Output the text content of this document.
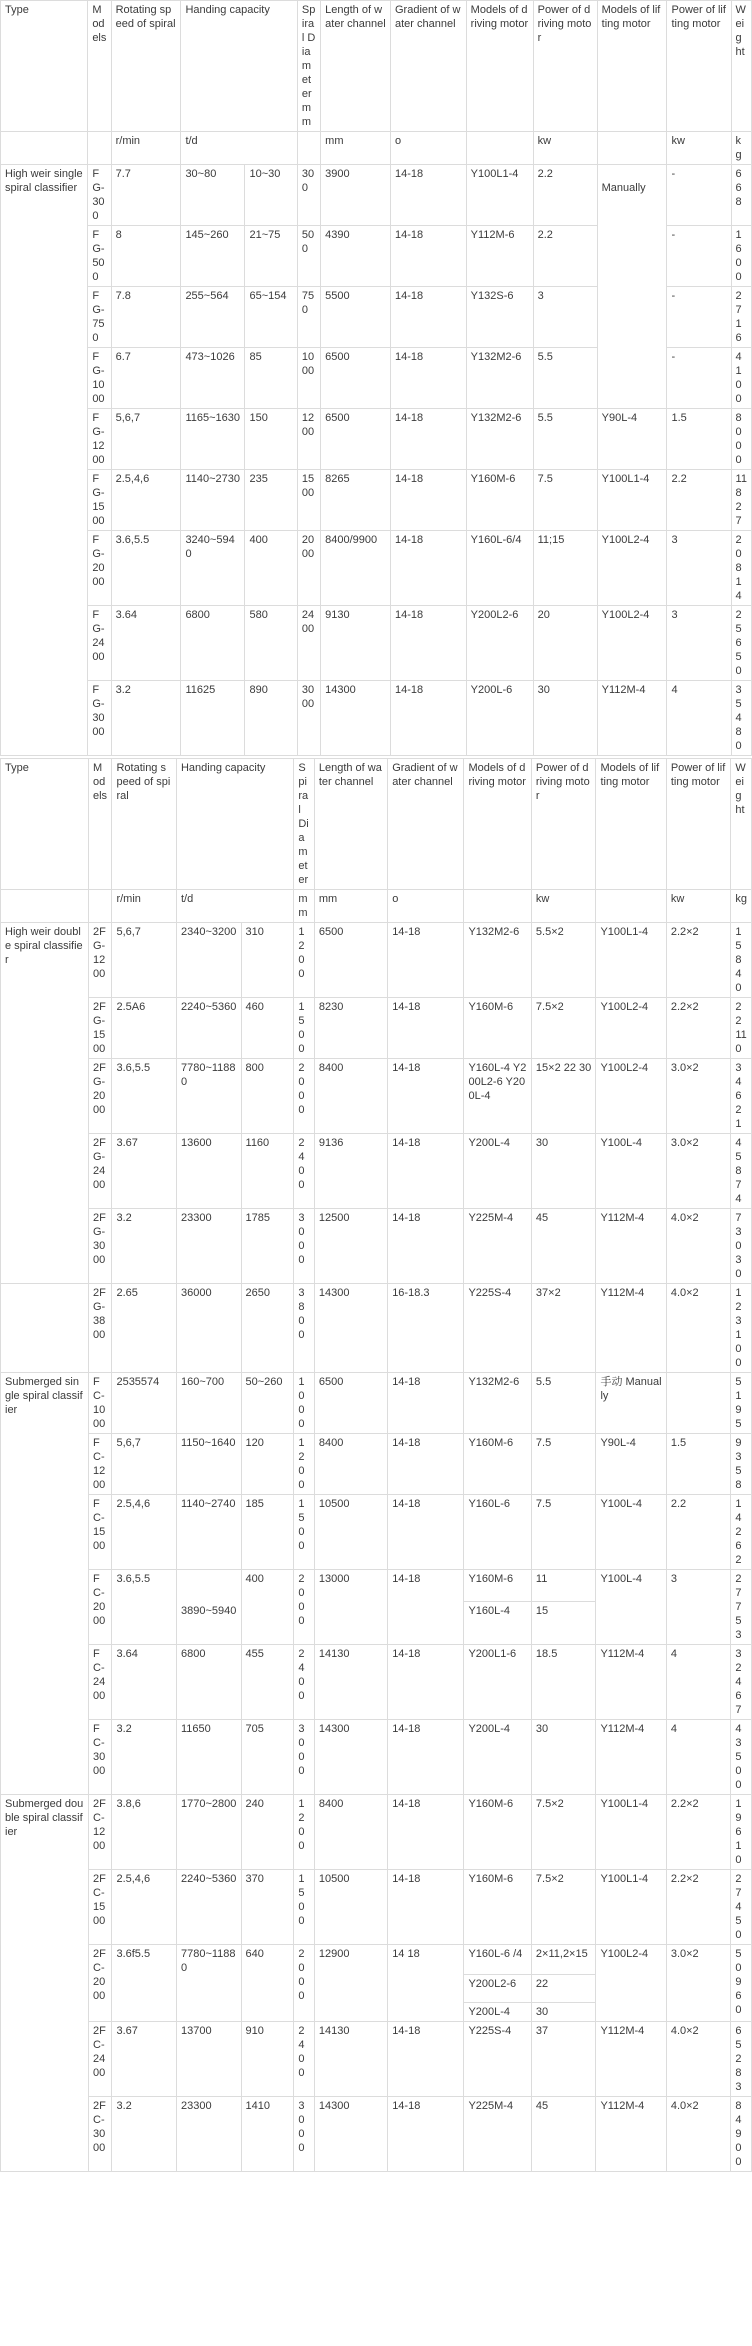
Type	Models	Rotating speed of spiral	Handing capacity		Spiral Diameter mm	Length of water channel	Gradient of water channel	Models of driving motor	Power of driving motor	Models of lifting motor	Power of lifting motor	Weight

		r/min	t/d			mm	o		kw		kw	kg
High weir single spiral classifier	FG-300	7.7	30~80	10~30	300	3900	14-18	Y100L1-4	2.2	Manually	-	668
	FG-500	8	145~260	21~75	500	4390	14-18	Y112M-6	2.2		-	1600
	FG-750	7.8	255~564	65~154	750	5500	14-18	Y132S-6	3		-	2716
	FG-1000	6.7	473~1026	85	1000	6500	14-18	Y132M2-6	5.5		-	4100
	FG-1200	5,6,7	1165~1630	150	1200	6500	14-18	Y132M2-6	5.5	Y90L-4	1.5	8000
	FG-1500	2.5,4,6	1140~2730	235	1500	8265	14-18	Y160M-6	7.5	Y100L1-4	2.2	11827
	FG-2000	3.6,5.5	3240~5940	400	2000	8400/9900	14-18	Y160L-6/4	11;15	Y100L2-4	3	20814
	FG-2400	3.64	6800	580	2400	9130	14-18	Y200L2-6	20	Y100L2-4	3	25650
	FG-3000	3.2	11625	890	3000	14300	14-18	Y200L-6	30	Y112M-4	4	35480
Type	Models	Rotating speed of spiral	Handing capacity		Spiral Diameter	Length of water channel	Gradient of water channel	Models of driving motor	Power of driving motor	Models of lifting motor	Power of lifting motor	Weight

		r/min	t/d		mm	mm	o		kw		kw	kg
High weir double spiral classifier	2FG-1200	5,6,7	2340~3200	310	1200	6500	14-18	Y132M2-6	5.5×2	Y100L1-4	2.2×2	15840
	2FG-1500	2.5A6	2240~5360	460	1500	8230	14-18	Y160M-6	7.5×2	Y100L2-4	2.2×2	22110
	2FG-2000	3.6,5.5	7780~11880	800	2000	8400	14-18	Y160L-4 Y200L2-6 Y200L-4	15×2 22 30	Y100L2-4	3.0×2	34621
	2FG-2400	3.67	13600	1160	2400	9136	14-18	Y200L-4	30	Y100L-4	3.0×2	45874
	2FG-3000	3.2	23300	1785	3000	12500	14-18	Y225M-4	45	Y112M-4	4.0×2	73030
	2FG-3800	2.65	36000	2650	3800	14300	16-18.3	Y225S-4	37×2	Y112M-4	4.0×2	123100
Submerged single spiral classifier	FC-1000	2535574	160~700	50~260	1000	6500	14-18	Y132M2-6	5.5	手动 Manually		5195
	FC-1200	5,6,7	1150~1640	120	1200	8400	14-18	Y160M-6	7.5	Y90L-4	1.5	9358
	FC-1500	2.5,4,6	1140~2740	185	1500	10500	14-18	Y160L-6	7.5	Y100L-4	2.2	14262
	FC-2000	3.6,5.5	3890~5940	400	2000	13000	14-18	Y160M-6	11	Y100L-4	3	27753
								Y160L-4	15			
	FC-2400	3.64	6800	455	2400	14130	14-18	Y200L1-6	18.5	Y112M-4	4	32467
	FC-3000	3.2	11650	705	3000	14300	14-18	Y200L-4	30	Y112M-4	4	43500
Submerged double spiral classifier	2FC-1200	3.8,6	1770~2800	240	1200	8400	14-18	Y160M-6	7.5×2	Y100L1-4	2.2×2	19610
	2FC-1500	2.5,4,6	2240~5360	370	1500	10500	14-18	Y160M-6	7.5×2	Y100L1-4	2.2×2	27450
	2FC-2000	3.6f5.5	7780~11880	640	2000	12900	14 18	Y160L-6 /4	2×11,2×15	Y100L2-4	3.0×2	50960
								Y200L2-6	22			
								Y200L-4	30			
	2FC-2400	3.67	13700	910	2400	14130	14-18	Y225S-4	37	Y112M-4	4.0×2	65283
	2FC-3000	3.2	23300	1410	3000	14300	14-18	Y225M-4	45	Y112M-4	4.0×2	84900
